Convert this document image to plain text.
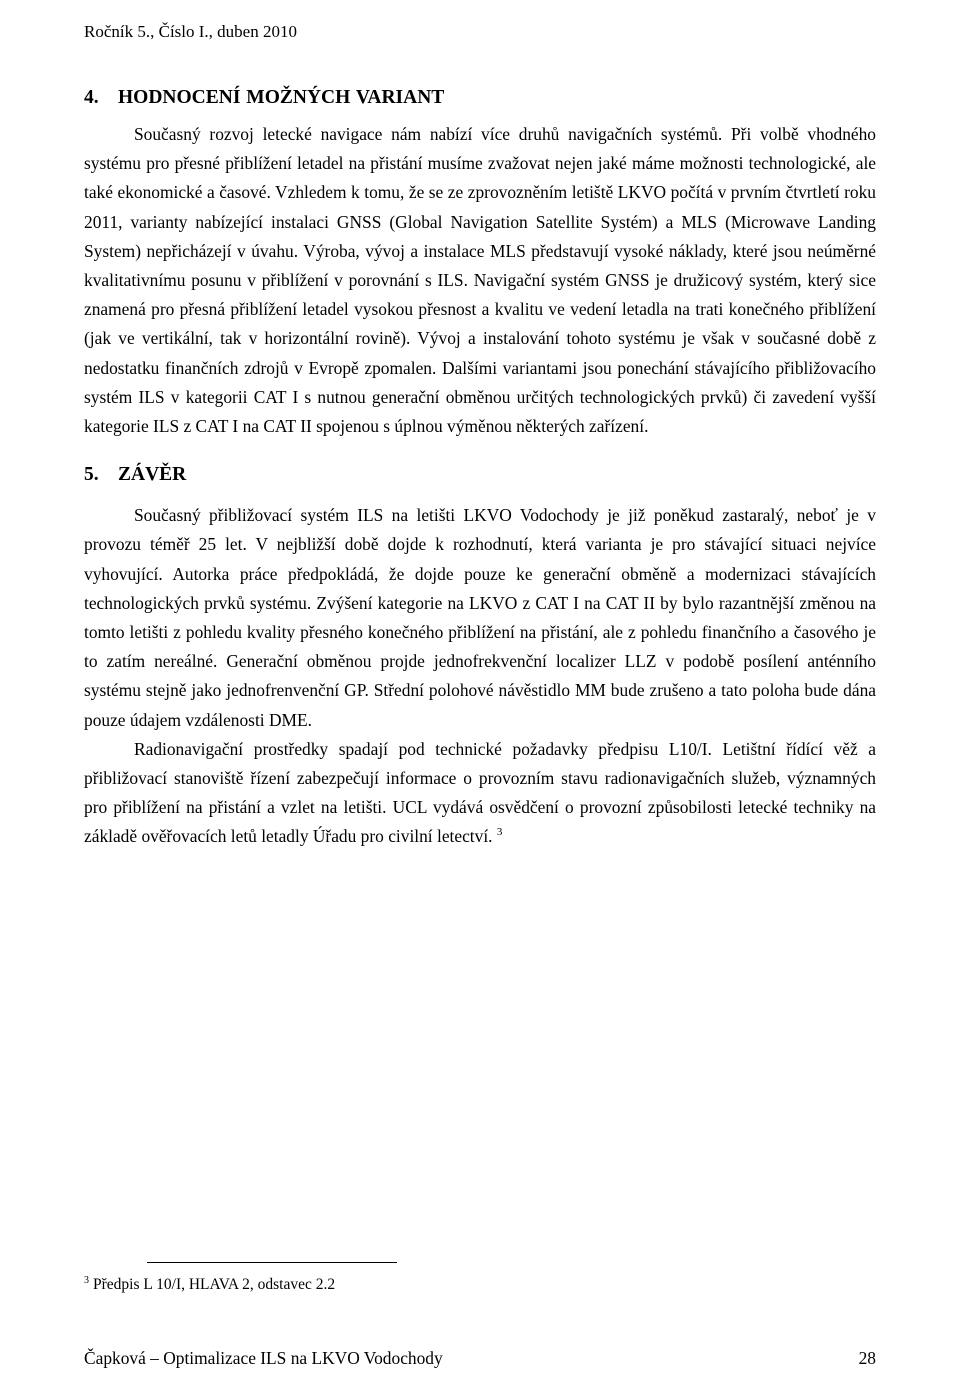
Ročník 5., Číslo I., duben 2010
4. HODNOCENÍ MOŽNÝCH VARIANT

Současný rozvoj letecké navigace nám nabízí více druhů navigačních systémů. Při volbě vhodného systému pro přesné přiblížení letadel na přistání musíme zvažovat nejen jaké máme možnosti technologické, ale také ekonomické a časové. Vzhledem k tomu, že se ze zprovozněním letiště LKVO počítá v prvním čtvrtletí roku 2011, varianty nabízející instalaci GNSS (Global Navigation Satellite Systém) a MLS (Microwave Landing System) nepřicházejí v úvahu. Výroba, vývoj a instalace MLS představují vysoké náklady, které jsou neúměrné kvalitativnímu posunu v přiblížení v porovnání s ILS. Navigační systém GNSS je družicový systém, který sice znamená pro přesná přiblížení letadel vysokou přesnost a kvalitu ve vedení letadla na trati konečného přiblížení (jak ve vertikální, tak v horizontální rovině). Vývoj a instalování tohoto systému je však v současné době z nedostatku finančních zdrojů v Evropě zpomalen. Dalšími variantami jsou ponechání stávajícího přibližovacího systém ILS v kategorii CAT I s nutnou generační obměnou určitých technologických prvků) či zavedení vyšší kategorie ILS z CAT I na CAT II spojenou s úplnou výměnou některých zařízení.

5. ZÁVĚR

Současný přibližovací systém ILS na letišti LKVO Vodochody je již poněkud zastaralý, neboť je v provozu téměř 25 let. V nejbližší době dojde k rozhodnutí, která varianta je pro stávající situaci nejvíce vyhovující. Autorka práce předpokládá, že dojde pouze ke generační obměně a modernizaci stávajících technologických prvků systému. Zvýšení kategorie na LKVO z CAT I na CAT II by bylo razantnější změnou na tomto letišti z pohledu kvality přesného konečného přiblížení na přistání, ale z pohledu finančního a časového je to zatím nereálné. Generační obměnou projde jednofrekvenční localizer LLZ v podobě posílení anténního systému stejně jako jednofrenvenční GP. Střední polohové návěstidlo MM bude zrušeno a tato poloha bude dána pouze údajem vzdálenosti DME.

Radionavigační prostředky spadají pod technické požadavky předpisu L10/I. Letištní řídící věž a přibližovací stanoviště řízení zabezpečují informace o provozním stavu radionavigačních služeb, významných pro přiblížení na přistání a vzlet na letišti. UCL vydává osvědčení o provozní způsobilosti letecké techniky na základě ověřovacích letů letadly Úřadu pro civilní letectví. $^3$

$^3$ Předpis L 10/I, HLAVA 2, odstavec 2.2
Čapková – Optimalizace ILS na LKVO Vodochody	28
